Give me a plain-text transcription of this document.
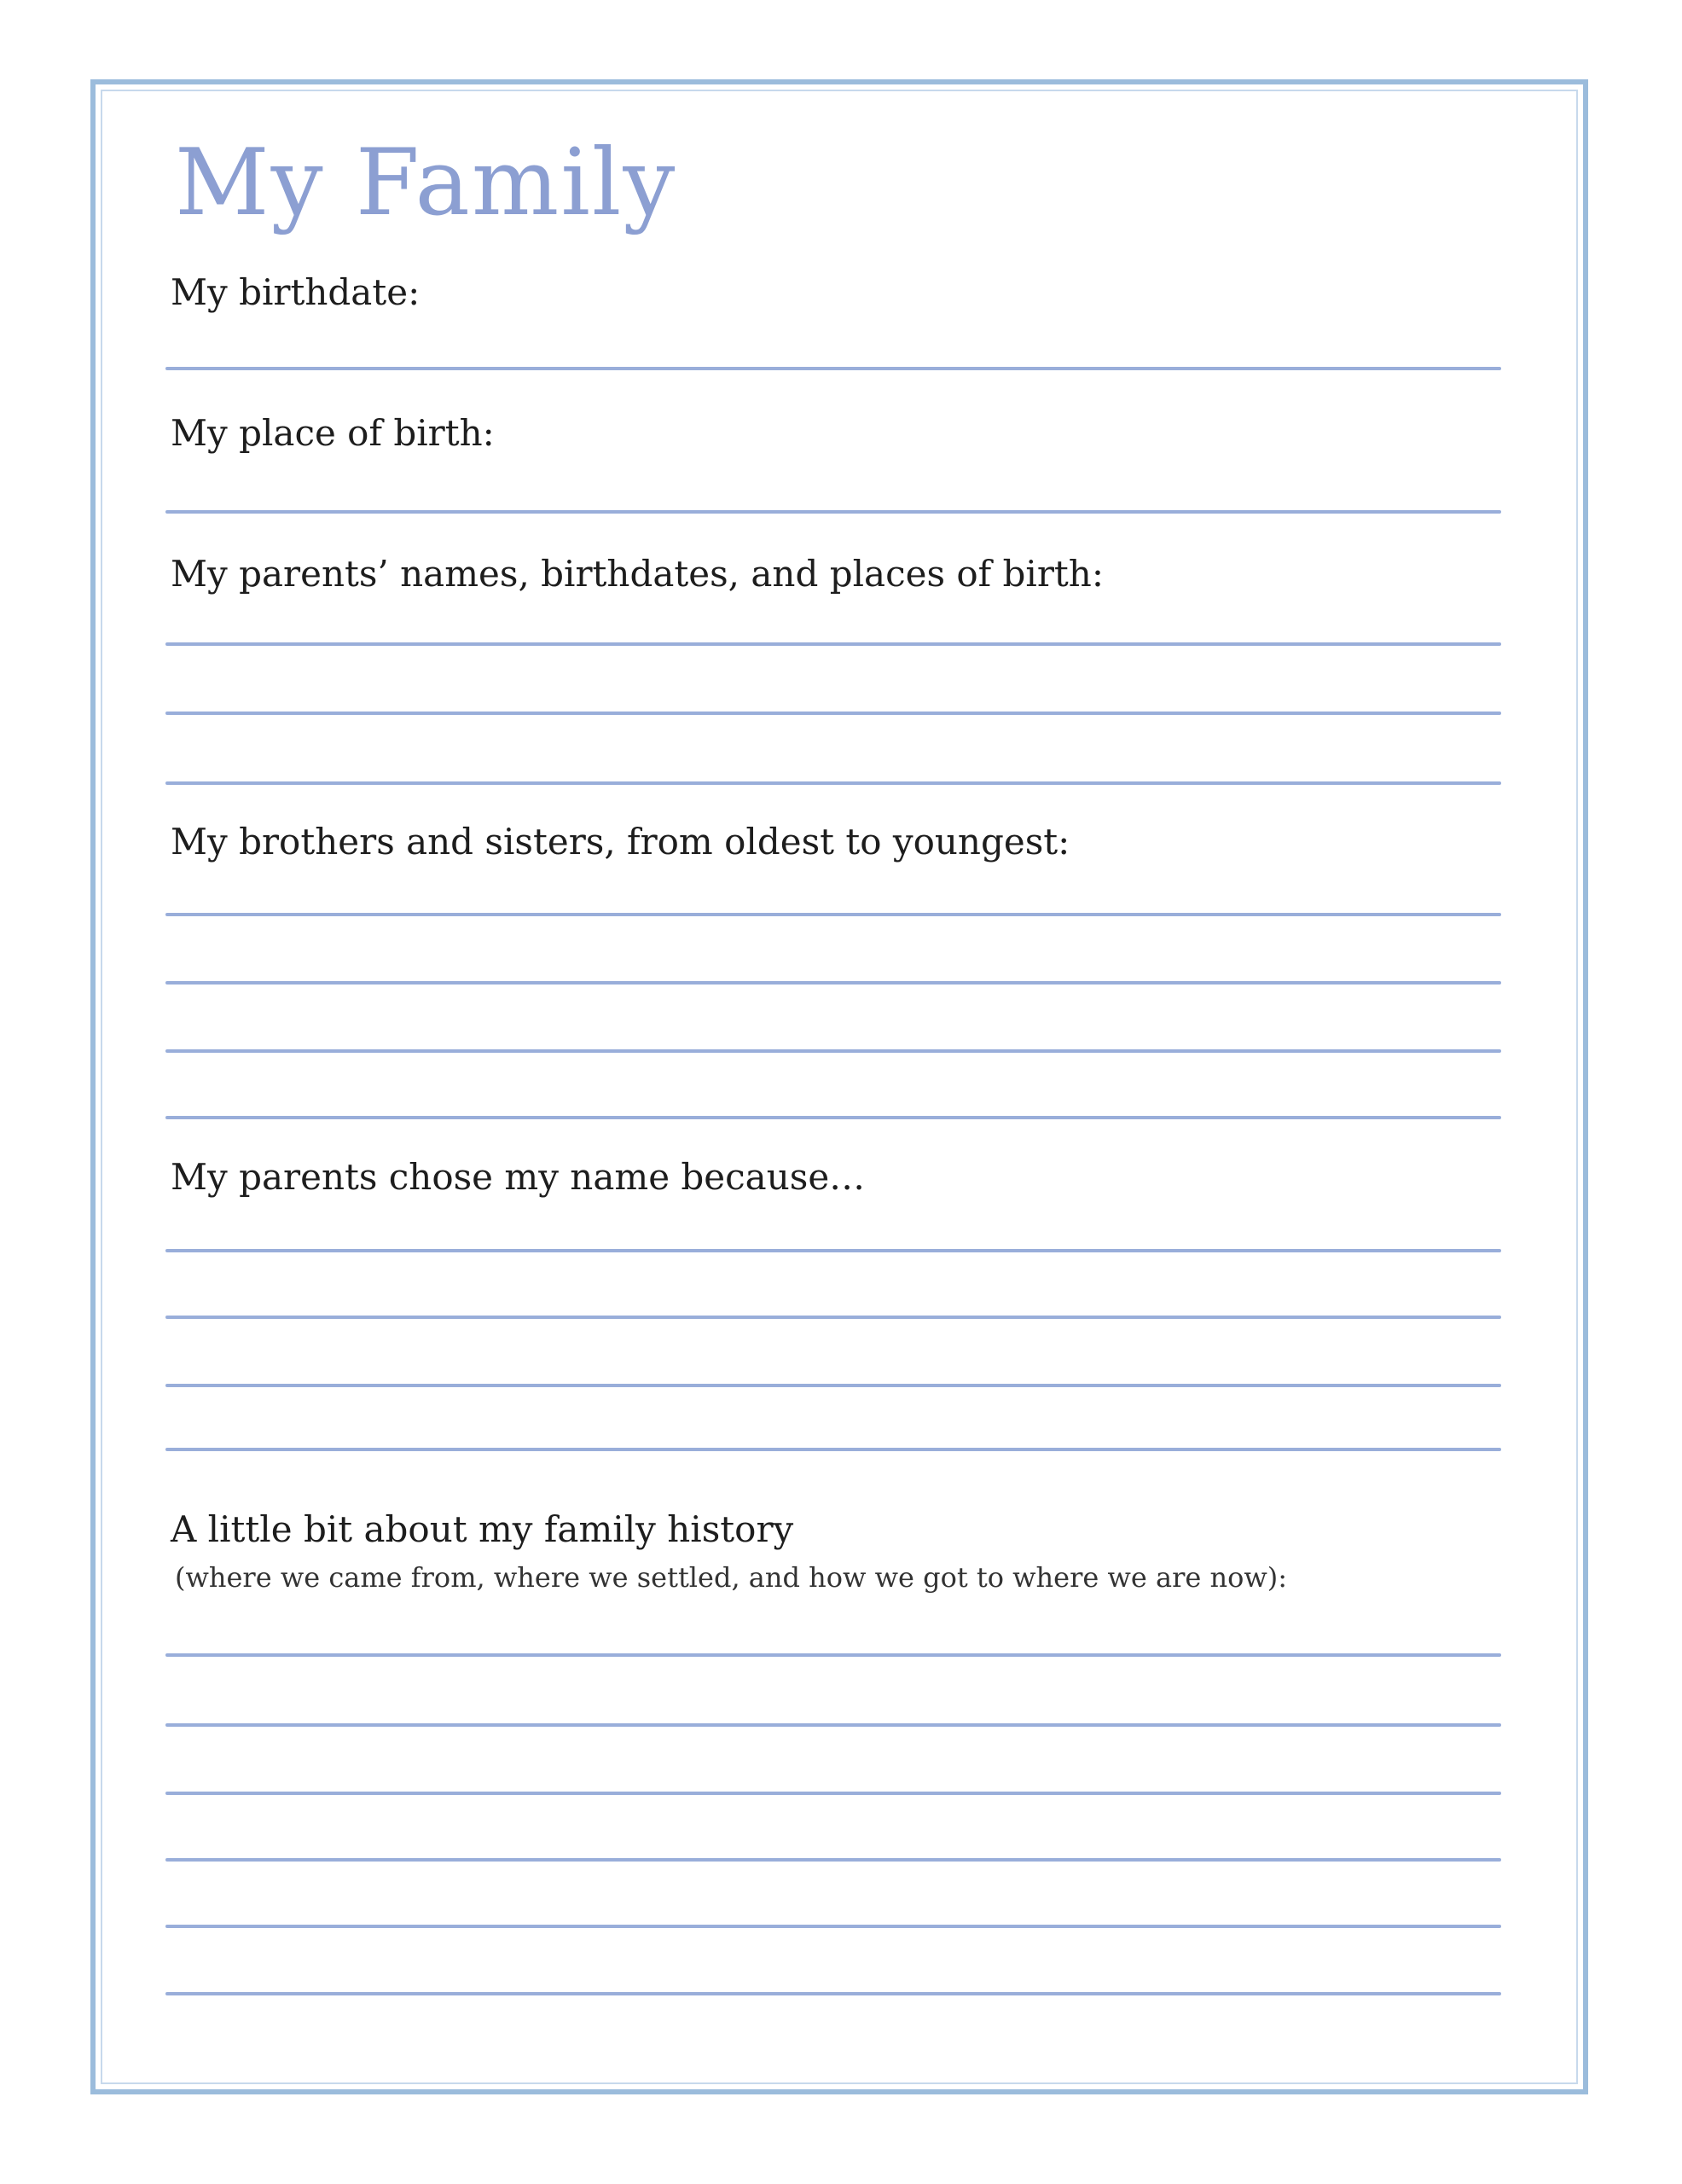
My Family

My birthdate:

My place of birth:

My parents’ names, birthdates, and places of birth:

My brothers and sisters, from oldest to youngest:

My parents chose my name because…

A little bit about my family history

(where we came from, where we settled, and how we got to where we are now):
